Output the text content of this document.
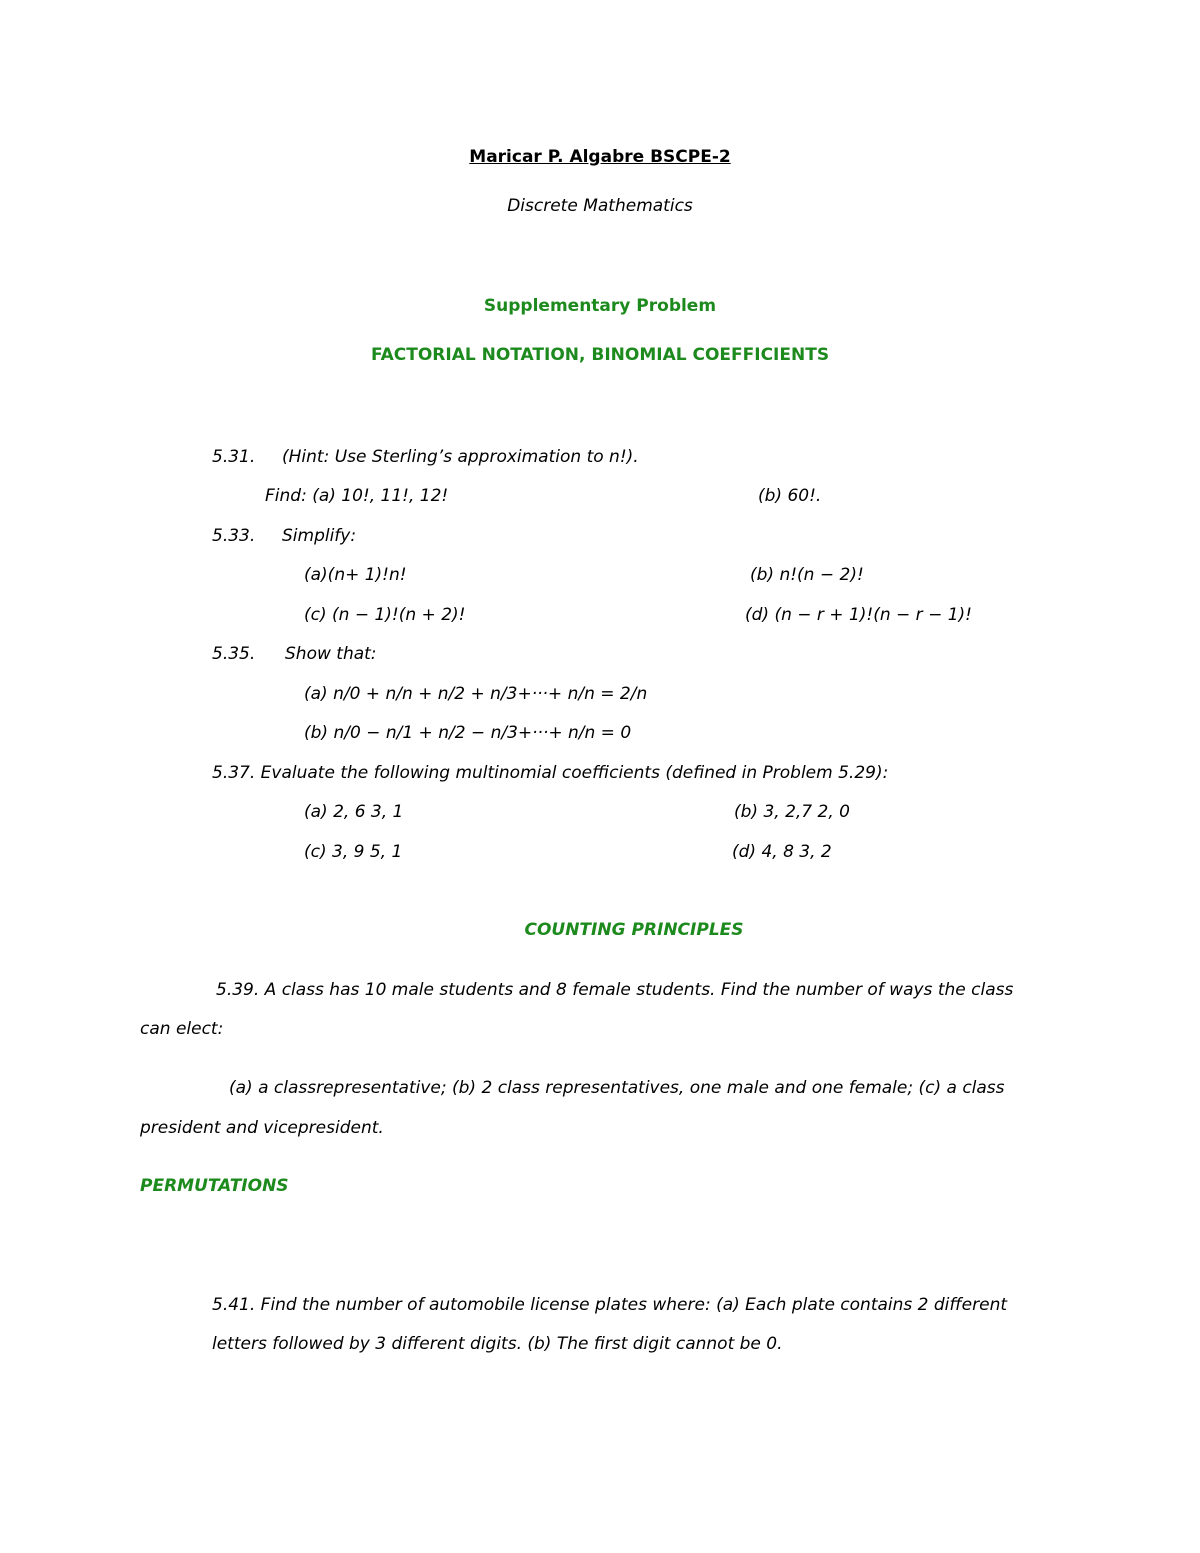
Maricar P. Algabre BSCPE-2
Discrete Mathematics
Supplementary Problem
FACTORIAL NOTATION, BINOMIAL COEFFICIENTS
5.31. (Hint: Use Sterling’s approximation to n!).
Find: (a) 10!, 11!, 12!	(b) 60!.
5.33. Simplify:
(a)(n+ 1)!n!	(b) n!(n − 2)!
(c) (n − 1)!(n + 2)!	(d) (n − r + 1)!(n − r − 1)!
5.35. Show that:
(a) n/0 + n/n + n/2 + n/3+···+ n/n = 2/n
(b) n/0 − n/1 + n/2 − n/3+···+ n/n = 0
5.37. Evaluate the following multinomial coefficients (defined in Problem 5.29):
(a) 2, 6 3, 1	(b) 3, 2,7 2, 0
(c) 3, 9 5, 1	(d) 4, 8 3, 2
COUNTING PRINCIPLES
5.39. A class has 10 male students and 8 female students. Find the number of ways the class
can elect:
(a) a classrepresentative; (b) 2 class representatives, one male and one female; (c) a class
president and vicepresident.
PERMUTATIONS
5.41. Find the number of automobile license plates where: (a) Each plate contains 2 different
letters followed by 3 different digits. (b) The first digit cannot be 0.
